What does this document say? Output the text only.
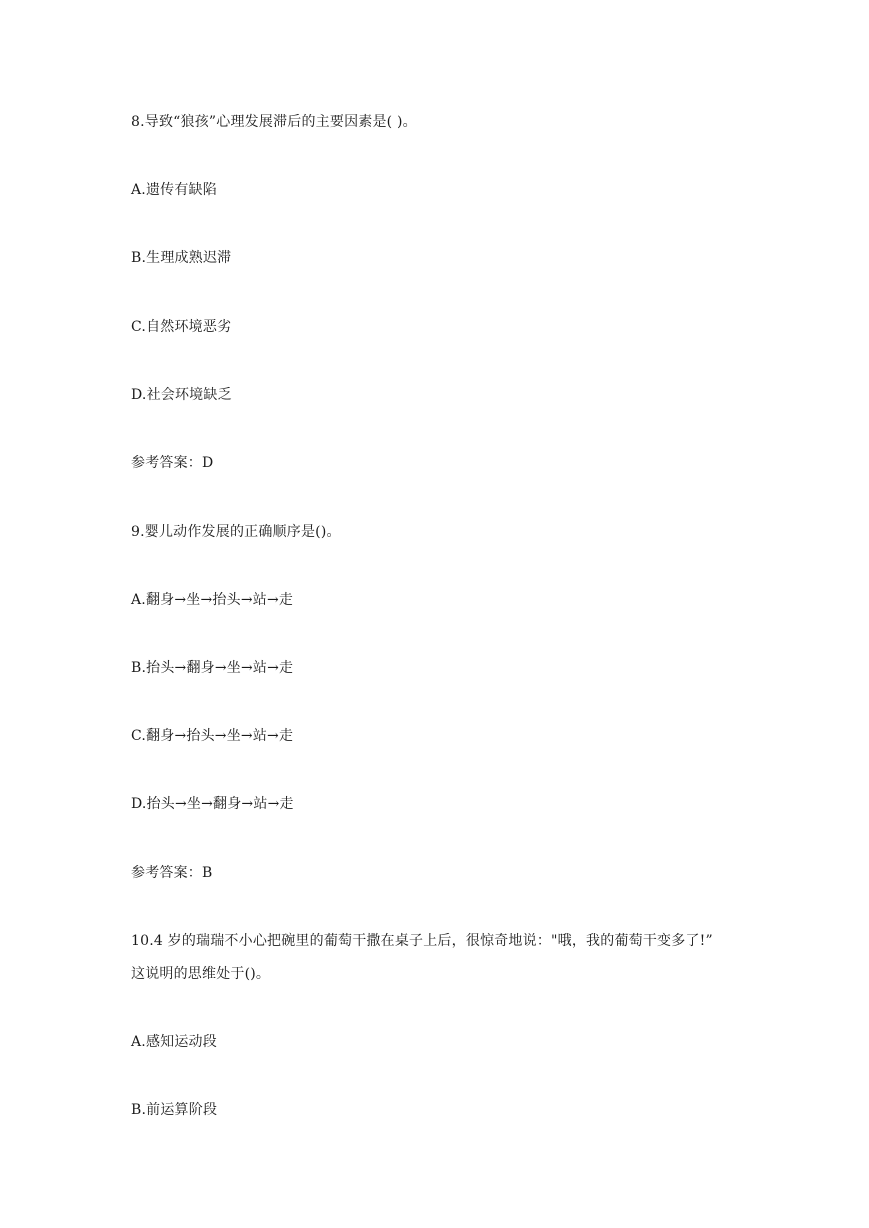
8.导致“狼孩”心理发展滞后的主要因素是( )。
A.遗传有缺陷
B.生理成熟迟滞
C.自然环境恶劣
D.社会环境缺乏
参考答案：D
9.婴儿动作发展的正确顺序是()。
A.翻身→坐→抬头→站→走
B.抬头→翻身→坐→站→走
C.翻身→抬头→坐→站→走
D.抬头→坐→翻身→站→走
参考答案：B
10.4 岁的瑞瑞不小心把碗里的葡萄干撒在桌子上后，很惊奇地说："哦，我的葡萄干变多了!”
这说明的思维处于()。
A.感知运动段
B.前运算阶段
